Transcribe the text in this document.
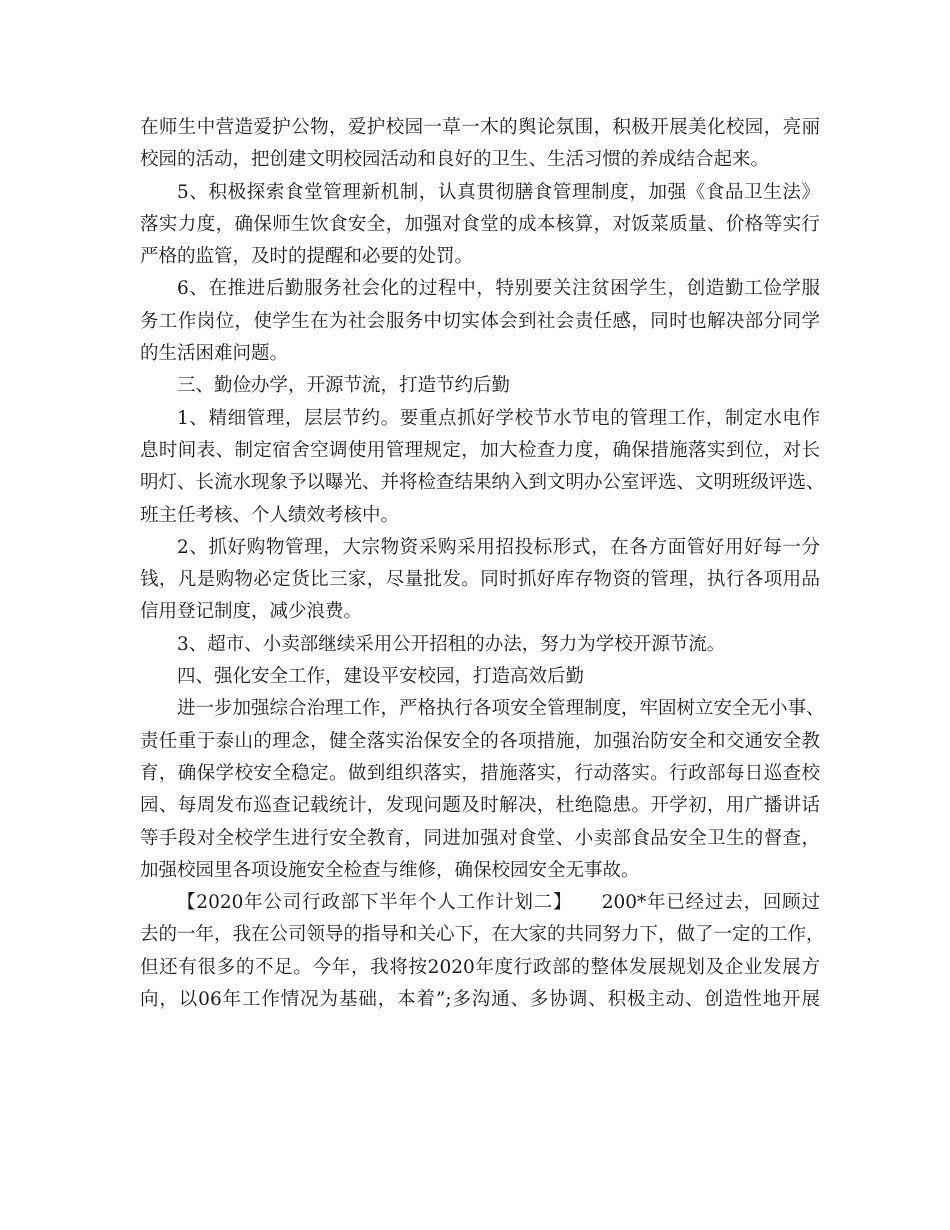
在师生中营造爱护公物，爱护校园一草一木的舆论氛围，积极开展美化校园，亮丽
校园的活动，把创建文明校园活动和良好的卫生、生活习惯的养成结合起来。
5、积极探索食堂管理新机制，认真贯彻膳食管理制度，加强《食品卫生法》
落实力度，确保师生饮食安全，加强对食堂的成本核算，对饭菜质量、价格等实行
严格的监管，及时的提醒和必要的处罚。
6、在推进后勤服务社会化的过程中，特别要关注贫困学生，创造勤工俭学服
务工作岗位，使学生在为社会服务中切实体会到社会责任感，同时也解决部分同学
的生活困难问题。
三、勤俭办学，开源节流，打造节约后勤
1、精细管理，层层节约。要重点抓好学校节水节电的管理工作，制定水电作
息时间表、制定宿舍空调使用管理规定，加大检查力度，确保措施落实到位，对长
明灯、长流水现象予以曝光、并将检查结果纳入到文明办公室评选、文明班级评选、
班主任考核、个人绩效考核中。
2、抓好购物管理，大宗物资采购采用招投标形式，在各方面管好用好每一分
钱，凡是购物必定货比三家，尽量批发。同时抓好库存物资的管理，执行各项用品
信用登记制度，减少浪费。
3、超市、小卖部继续采用公开招租的办法，努力为学校开源节流。
四、强化安全工作，建设平安校园，打造高效后勤
进一步加强综合治理工作，严格执行各项安全管理制度，牢固树立安全无小事、
责任重于泰山的理念，健全落实治保安全的各项措施，加强治防安全和交通安全教
育，确保学校安全稳定。做到组织落实，措施落实，行动落实。行政部每日巡查校
园、每周发布巡查记载统计，发现问题及时解决，杜绝隐患。开学初，用广播讲话
等手段对全校学生进行安全教育，同进加强对食堂、小卖部食品安全卫生的督查，
加强校园里各项设施安全检查与维修，确保校园安全无事故。
【2020年公司行政部下半年个人工作计划二】　　200*年已经过去，回顾过
去的一年，我在公司领导的指导和关心下，在大家的共同努力下，做了一定的工作，
但还有很多的不足。今年，我将按2020年度行政部的整体发展规划及企业发展方
向，以06年工作情况为基础，本着”;多沟通、多协调、积极主动、创造性地开展
